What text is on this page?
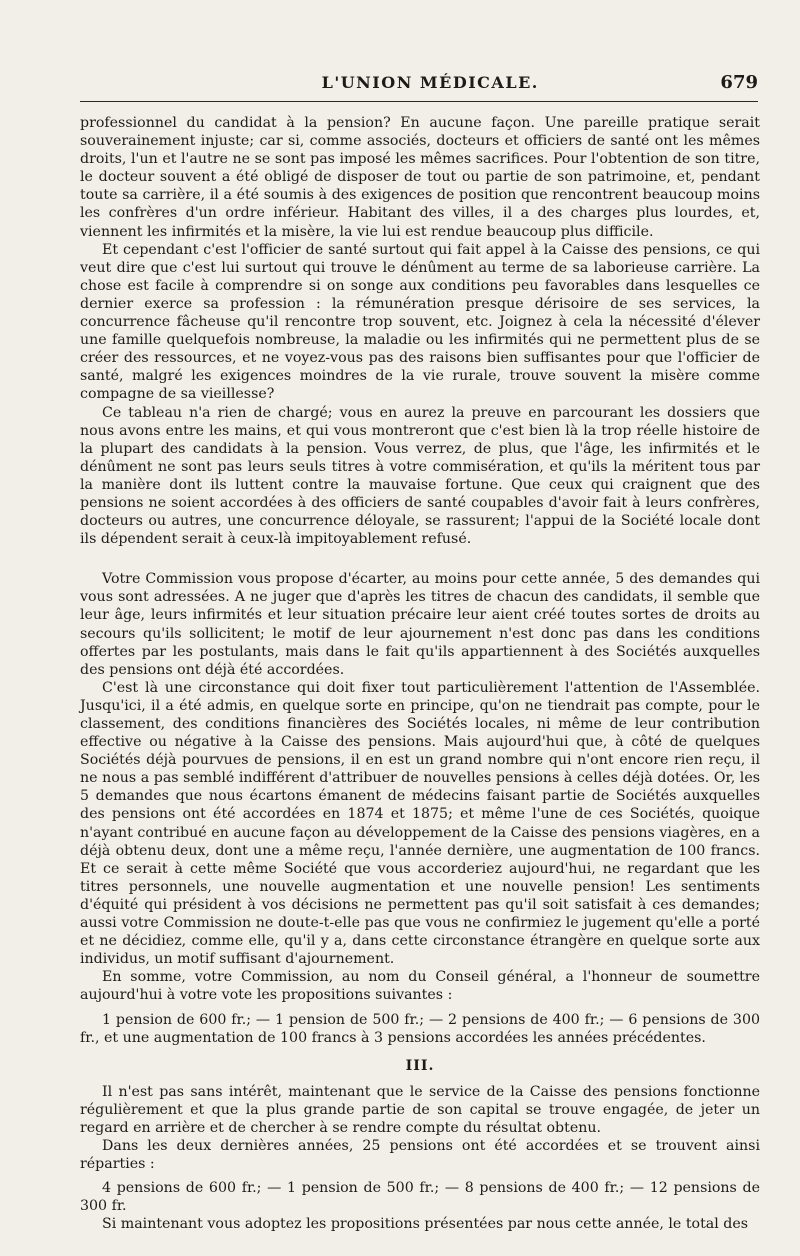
L'UNION MÉDICALE.	679

professionnel du candidat à la pension? En aucune façon. Une pareille pratique serait souverainement injuste; car si, comme associés, docteurs et officiers de santé ont les mêmes droits, l'un et l'autre ne se sont pas imposé les mêmes sacrifices. Pour l'obtention de son titre, le docteur souvent a été obligé de disposer de tout ou partie de son patrimoine, et, pendant toute sa carrière, il a été soumis à des exigences de position que rencontrent beaucoup moins les confrères d'un ordre inférieur. Habitant des villes, il a des charges plus lourdes, et, viennent les infirmités et la misère, la vie lui est rendue beaucoup plus difficile.

Et cependant c'est l'officier de santé surtout qui fait appel à la Caisse des pensions, ce qui veut dire que c'est lui surtout qui trouve le dénûment au terme de sa laborieuse carrière. La chose est facile à comprendre si on songe aux conditions peu favorables dans lesquelles ce dernier exerce sa profession : la rémunération presque dérisoire de ses services, la concurrence fâcheuse qu'il rencontre trop souvent, etc. Joignez à cela la nécessité d'élever une famille quelquefois nombreuse, la maladie ou les infirmités qui ne permettent plus de se créer des ressources, et ne voyez-vous pas des raisons bien suffisantes pour que l'officier de santé, malgré les exigences moindres de la vie rurale, trouve souvent la misère comme compagne de sa vieillesse?

Ce tableau n'a rien de chargé; vous en aurez la preuve en parcourant les dossiers que nous avons entre les mains, et qui vous montreront que c'est bien là la trop réelle histoire de la plupart des candidats à la pension. Vous verrez, de plus, que l'âge, les infirmités et le dénûment ne sont pas leurs seuls titres à votre commisération, et qu'ils la méritent tous par la manière dont ils luttent contre la mauvaise fortune. Que ceux qui craignent que des pensions ne soient accordées à des officiers de santé coupables d'avoir fait à leurs confrères, docteurs ou autres, une concurrence déloyale, se rassurent; l'appui de la Société locale dont ils dépendent serait à ceux-là impitoyablement refusé.

Votre Commission vous propose d'écarter, au moins pour cette année, 5 des demandes qui vous sont adressées. A ne juger que d'après les titres de chacun des candidats, il semble que leur âge, leurs infirmités et leur situation précaire leur aient créé toutes sortes de droits au secours qu'ils sollicitent; le motif de leur ajournement n'est donc pas dans les conditions offertes par les postulants, mais dans le fait qu'ils appartiennent à des Sociétés auxquelles des pensions ont déjà été accordées.

C'est là une circonstance qui doit fixer tout particulièrement l'attention de l'Assemblée. Jusqu'ici, il a été admis, en quelque sorte en principe, qu'on ne tiendrait pas compte, pour le classement, des conditions financières des Sociétés locales, ni même de leur contribution effective ou négative à la Caisse des pensions. Mais aujourd'hui que, à côté de quelques Sociétés déjà pourvues de pensions, il en est un grand nombre qui n'ont encore rien reçu, il ne nous a pas semblé indifférent d'attribuer de nouvelles pensions à celles déjà dotées. Or, les 5 demandes que nous écartons émanent de médecins faisant partie de Sociétés auxquelles des pensions ont été accordées en 1874 et 1875; et même l'une de ces Sociétés, quoique n'ayant contribué en aucune façon au développement de la Caisse des pensions viagères, en a déjà obtenu deux, dont une a même reçu, l'année dernière, une augmentation de 100 francs. Et ce serait à cette même Société que vous accorderiez aujourd'hui, ne regardant que les titres personnels, une nouvelle augmentation et une nouvelle pension! Les sentiments d'équité qui président à vos décisions ne permettent pas qu'il soit satisfait à ces demandes; aussi votre Commission ne doute-t-elle pas que vous ne confirmiez le jugement qu'elle a porté et ne décidiez, comme elle, qu'il y a, dans cette circonstance étrangère en quelque sorte aux individus, un motif suffisant d'ajournement.

En somme, votre Commission, au nom du Conseil général, a l'honneur de soumettre aujourd'hui à votre vote les propositions suivantes :

1 pension de 600 fr.; — 1 pension de 500 fr.; — 2 pensions de 400 fr.; — 6 pensions de 300 fr., et une augmentation de 100 francs à 3 pensions accordées les années précédentes.

III.

Il n'est pas sans intérêt, maintenant que le service de la Caisse des pensions fonctionne régulièrement et que la plus grande partie de son capital se trouve engagée, de jeter un regard en arrière et de chercher à se rendre compte du résultat obtenu.

Dans les deux dernières années, 25 pensions ont été accordées et se trouvent ainsi réparties :

4 pensions de 600 fr.; — 1 pension de 500 fr.; — 8 pensions de 400 fr.; — 12 pensions de 300 fr.

Si maintenant vous adoptez les propositions présentées par nous cette année, le total des
